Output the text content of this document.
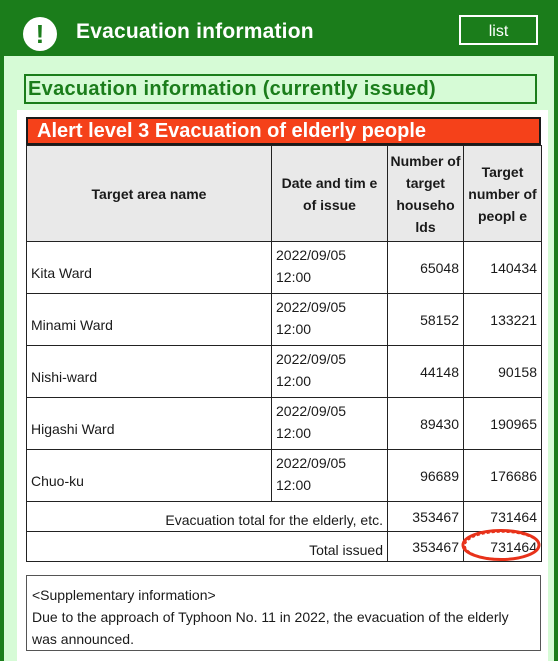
!	Evacuation information	list
Evacuation information (currently issued)
Alert level 3 Evacuation of elderly people
Target area name	Date and tim e of issue	Number of target househo lds	Target number of peopl e
Kita Ward	2022/09/05 12:00	65048	140434
Minami Ward	2022/09/05 12:00	58152	133221
Nishi-ward	2022/09/05 12:00	44148	90158
Higashi Ward	2022/09/05 12:00	89430	190965
Chuo-ku	2022/09/05 12:00	96689	176686
Evacuation total for the elderly, etc.		353467	731464
Total issued		353467	731464
<Supplementary information>
Due to the approach of Typhoon No. 11 in 2022, the evacuation of the elderly was announced.
